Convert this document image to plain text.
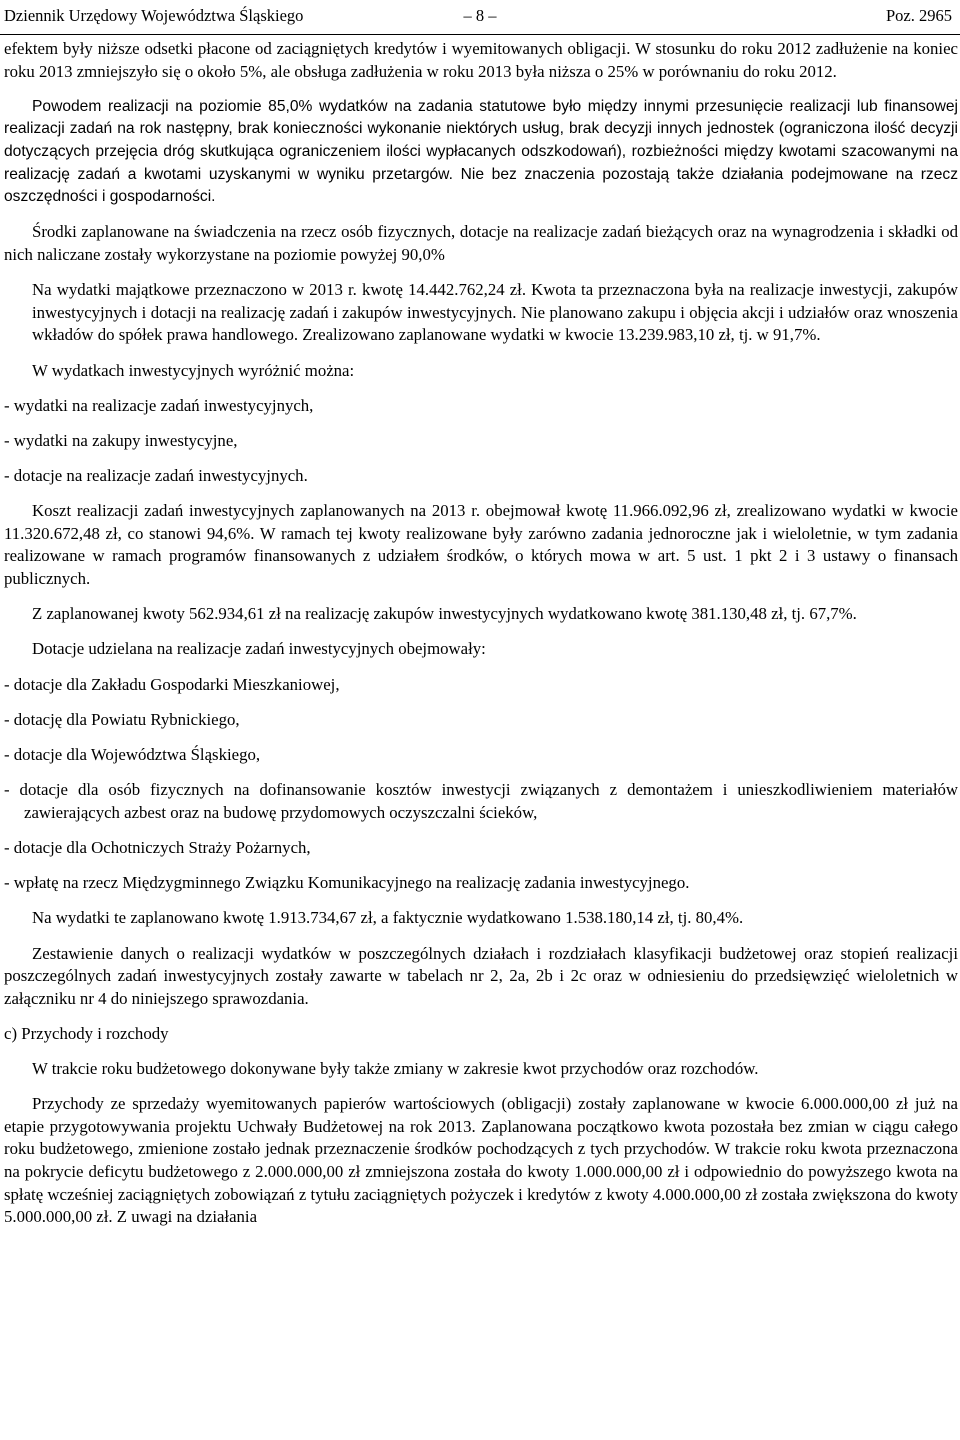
Dziennik Urzędowy Województwa Śląskiego	– 8 –	Poz. 2965

efektem były niższe odsetki płacone od zaciągniętych kredytów i wyemitowanych obligacji. W stosunku do roku 2012 zadłużenie na koniec roku 2013 zmniejszyło się o około 5%, ale obsługa zadłużenia w roku 2013 była niższa o 25% w porównaniu do roku 2012.

Powodem realizacji na poziomie 85,0% wydatków na zadania statutowe było między innymi przesunięcie realizacji lub finansowej realizacji zadań na rok następny, brak konieczności wykonanie niektórych usług, brak decyzji innych jednostek (ograniczona ilość decyzji dotyczących przejęcia dróg skutkująca ograniczeniem ilości wypłacanych odszkodowań), rozbieżności między kwotami szacowanymi na realizację zadań a kwotami uzyskanymi w wyniku przetargów. Nie bez znaczenia pozostają także działania podejmowane na rzecz oszczędności i gospodarności.

Środki zaplanowane na świadczenia na rzecz osób fizycznych, dotacje na realizacje zadań bieżących oraz na wynagrodzenia i składki od nich naliczane zostały wykorzystane na poziomie powyżej 90,0%

Na wydatki majątkowe przeznaczono w 2013 r. kwotę 14.442.762,24 zł. Kwota ta przeznaczona była na realizacje inwestycji, zakupów inwestycyjnych i dotacji na realizację zadań i zakupów inwestycyjnych. Nie planowano zakupu i objęcia akcji i udziałów oraz wnoszenia wkładów do spółek prawa handlowego. Zrealizowano zaplanowane wydatki w kwocie 13.239.983,10 zł, tj. w 91,7%.

W wydatkach inwestycyjnych wyróżnić można:

- wydatki na realizacje zadań inwestycyjnych,

- wydatki na zakupy inwestycyjne,

- dotacje na realizacje zadań inwestycyjnych.

Koszt realizacji zadań inwestycyjnych zaplanowanych na 2013 r. obejmował kwotę 11.966.092,96 zł, zrealizowano wydatki w kwocie 11.320.672,48 zł, co stanowi 94,6%. W ramach tej kwoty realizowane były zarówno zadania jednoroczne jak i wieloletnie, w tym zadania realizowane w ramach programów finansowanych z udziałem środków, o których mowa w art. 5 ust. 1 pkt 2 i 3 ustawy o finansach publicznych.

Z zaplanowanej kwoty 562.934,61 zł na realizację zakupów inwestycyjnych wydatkowano kwotę 381.130,48 zł, tj. 67,7%.

Dotacje udzielana na realizacje zadań inwestycyjnych obejmowały:

- dotacje dla Zakładu Gospodarki Mieszkaniowej,

- dotację dla Powiatu Rybnickiego,

- dotacje dla Województwa Śląskiego,

- dotacje dla osób fizycznych na dofinansowanie kosztów inwestycji związanych z demontażem i unieszkodliwieniem materiałów zawierających azbest oraz na budowę przydomowych oczyszczalni ścieków,

- dotacje dla Ochotniczych Straży Pożarnych,

- wpłatę na rzecz Międzygminnego Związku Komunikacyjnego na realizację zadania inwestycyjnego.

Na wydatki te zaplanowano kwotę 1.913.734,67 zł, a faktycznie wydatkowano 1.538.180,14 zł, tj. 80,4%.

Zestawienie danych o realizacji wydatków w poszczególnych działach i rozdziałach klasyfikacji budżetowej oraz stopień realizacji poszczególnych zadań inwestycyjnych zostały zawarte w tabelach nr 2, 2a, 2b i 2c oraz w odniesieniu do przedsięwzięć wieloletnich w załączniku nr 4 do niniejszego sprawozdania.

c) Przychody i rozchody

W trakcie roku budżetowego dokonywane były także zmiany w zakresie kwot przychodów oraz rozchodów.

Przychody ze sprzedaży wyemitowanych papierów wartościowych (obligacji) zostały zaplanowane w kwocie 6.000.000,00 zł już na etapie przygotowywania projektu Uchwały Budżetowej na rok 2013. Zaplanowana początkowo kwota pozostała bez zmian w ciągu całego roku budżetowego, zmienione zostało jednak przeznaczenie środków pochodzących z tych przychodów. W trakcie roku kwota przeznaczona na pokrycie deficytu budżetowego z 2.000.000,00 zł zmniejszona została do kwoty 1.000.000,00 zł i odpowiednio do powyższego kwota na spłatę wcześniej zaciągniętych zobowiązań z tytułu zaciągniętych pożyczek i kredytów z kwoty 4.000.000,00 zł została zwiększona do kwoty 5.000.000,00 zł. Z uwagi na działania
